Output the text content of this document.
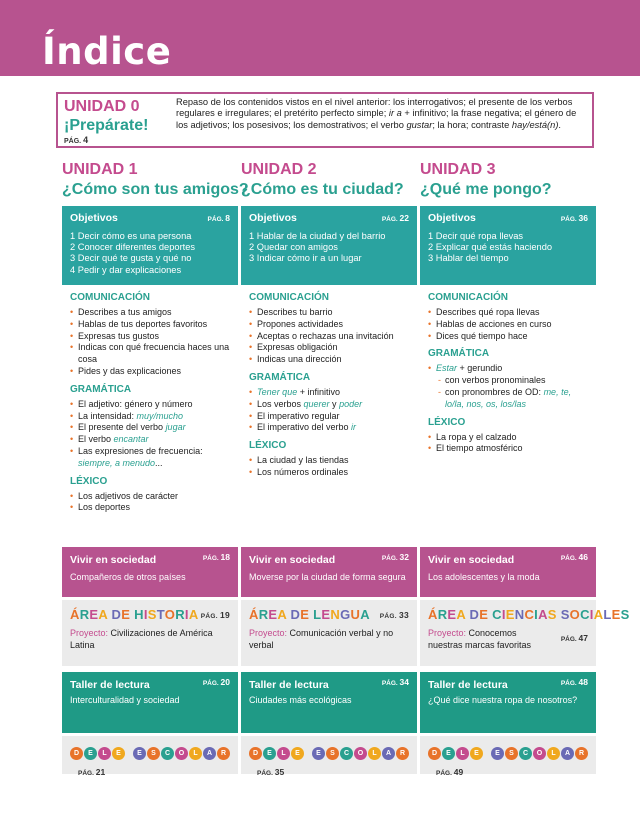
Índice
UNIDAD 0
¡Prepárate!
PÁG. 4
Repaso de los contenidos vistos en el nivel anterior: los interrogativos; el presente de los verbos regulares e irregulares; el pretérito perfecto simple; ir a + infinitivo; la frase negativa; el género de los adjetivos; los posesivos; los demostrativos; el verbo gustar; la hora; contraste hay/está(n).
UNIDAD 1
¿Cómo son tus amigos?
Objetivos	PÁG. 8
1 Decir cómo es una persona
2 Conocer diferentes deportes
3 Decir qué te gusta y qué no
4 Pedir y dar explicaciones
COMUNICACIÓN
• Describes a tus amigos
• Hablas de tus deportes favoritos
• Expresas tus gustos
• Indicas con qué frecuencia haces una cosa
• Pides y das explicaciones
GRAMÁTICA
• El adjetivo: género y número
• La intensidad: muy/mucho
• El presente del verbo jugar
• El verbo encantar
• Las expresiones de frecuencia: siempre, a menudo...
LÉXICO
• Los adjetivos de carácter
• Los deportes
Vivir en sociedad	PÁG. 18
Compañeros de otros países
ÁREA DE HISTORIA PÁG. 19
Proyecto: Civilizaciones de América Latina
Taller de lectura	PÁG. 20
Interculturalidad y sociedad
D	E	L	E	E	S	C	O	L	A	R
PÁG. 21
UNIDAD 2
¿Cómo es tu ciudad?
Objetivos	PÁG. 22
1 Hablar de la ciudad y del barrio
2 Quedar con amigos
3 Indicar cómo ir a un lugar
COMUNICACIÓN
• Describes tu barrio
• Propones actividades
• Aceptas o rechazas una invitación
• Expresas obligación
• Indicas una dirección
GRAMÁTICA
• Tener que + infinitivo
• Los verbos querer y poder
• El imperativo regular
• El imperativo del verbo ir
LÉXICO
• La ciudad y las tiendas
• Los números ordinales
Vivir en sociedad	PÁG. 32
Moverse por la ciudad de forma segura
ÁREA DE LENGUA PÁG. 33
Proyecto: Comunicación verbal y no verbal
Taller de lectura	PÁG. 34
Ciudades más ecológicas
D	E	L	E	E	S	C	O	L	A	R
PÁG. 35
UNIDAD 3
¿Qué me pongo?
Objetivos	PÁG. 36
1 Decir qué ropa llevas
2 Explicar qué estás haciendo
3 Hablar del tiempo
COMUNICACIÓN
• Describes qué ropa llevas
• Hablas de acciones en curso
• Dices qué tiempo hace
GRAMÁTICA
• Estar + gerundio
- con verbos pronominales
- con pronombres de OD: me, te, lo/la, nos, os, los/las
LÉXICO
• La ropa y el calzado
• El tiempo atmosférico
Vivir en sociedad	PÁG. 46
Los adolescentes y la moda
ÁREA DE CIENCIAS SOCIALES
Proyecto: Conocemos nuestras marcas favoritas	PÁG. 47
Taller de lectura	PÁG. 48
¿Qué dice nuestra ropa de nosotros?
D	E	L	E	E	S	C	O	L	A	R
PÁG. 49
